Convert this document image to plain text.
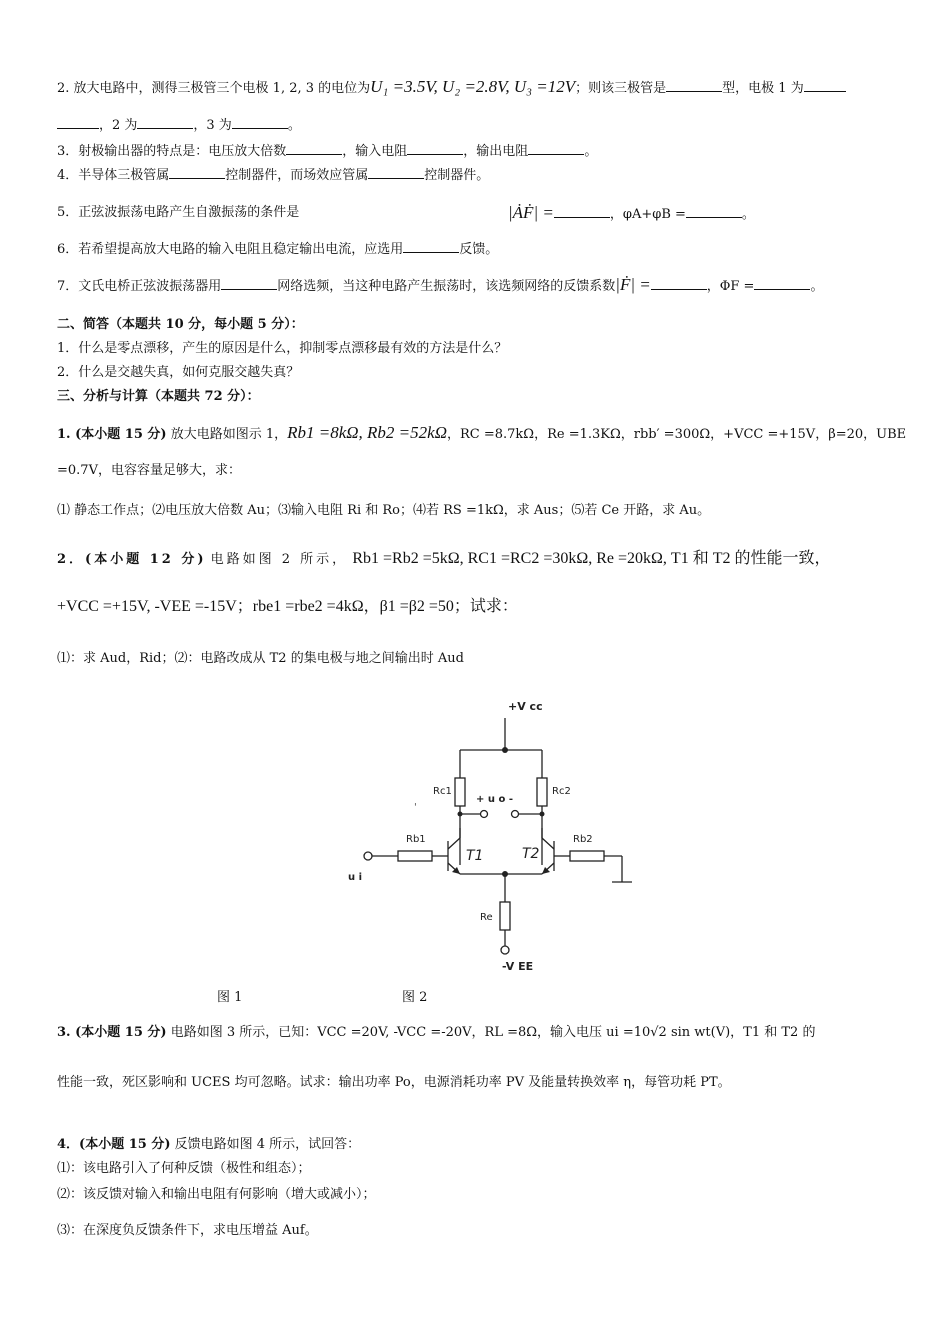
2. 放大电路中，测得三极管三个电极 1, 2, 3 的电位为U₁ =3.5V, U₂ =2.8V, U₃ =12V；则该三极管是	型，电极 1 为
，2 为	，3 为	。
3．射极输出器的特点是：电压放大倍数	，输入电阻	，输出电阻	。
4．半导体三极管属	控制器件，而场效应管属	控制器件。
5．正弦波振荡电路产生自激振荡的条件是	|ȦḞ| =	，φA+φB =	。
6．若希望提高放大电路的输入电阻且稳定输出电流，应选用	反馈。
7．文氏电桥正弦波振荡器用	网络选频，当这种电路产生振荡时，该选频网络的反馈系数|Ḟ| =	，ΦF =	。
二、简答（本题共 10 分，每小题 5 分）：
1．什么是零点漂移，产生的原因是什么，抑制零点漂移最有效的方法是什么？
2．什么是交越失真，如何克服交越失真？
三、分析与计算（本题共 72 分）：
1. (本小题 15 分) 放大电路如图示 1，Rb1 =8kΩ, Rb2 =52kΩ，RC =8.7kΩ，Re =1.3KΩ，rbb′ =300Ω，+VCC =+15V，β=20，UBE
=0.7V，电容容量足够大，求：
⑴ 静态工作点；⑵电压放大倍数 Au；⑶输入电阻 Ri 和 Ro；⑷若 RS =1kΩ，求 Aus；⑸若 Ce 开路，求 Au。
2．(本小题 12 分) 电路如图 2 所示， Rb1 =Rb2 =5kΩ, RC1 =RC2 =30kΩ, Re =20kΩ, T1 和 T2 的性能一致，
+VCC =+15V, -VEE =-15V；rbe1 =rbe2 =4kΩ，β1 =β2 =50；试求：
⑴：求 Aud，Rid；⑵：电路改成从 T2 的集电极与地之间输出时 Aud
+V cc
Rc1	Rc2
+ u o -
'
Rb1	Rb2
T1	T2
u i
Re
-V EE
图 1	图 2
3. (本小题 15 分) 电路如图 3 所示，已知：VCC =20V, -VCC =-20V，RL =8Ω，输入电压 ui =10√2 sin wt(V)，T1 和 T2 的
性能一致，死区影响和 UCES 均可忽略。试求：输出功率 Po，电源消耗功率 PV 及能量转换效率 η，每管功耗 PT。
4．(本小题 15 分) 反馈电路如图 4 所示，试回答：
⑴：该电路引入了何种反馈（极性和组态）；
⑵：该反馈对输入和输出电阻有何影响（增大或减小）；
⑶：在深度负反馈条件下，求电压增益 Auf。
